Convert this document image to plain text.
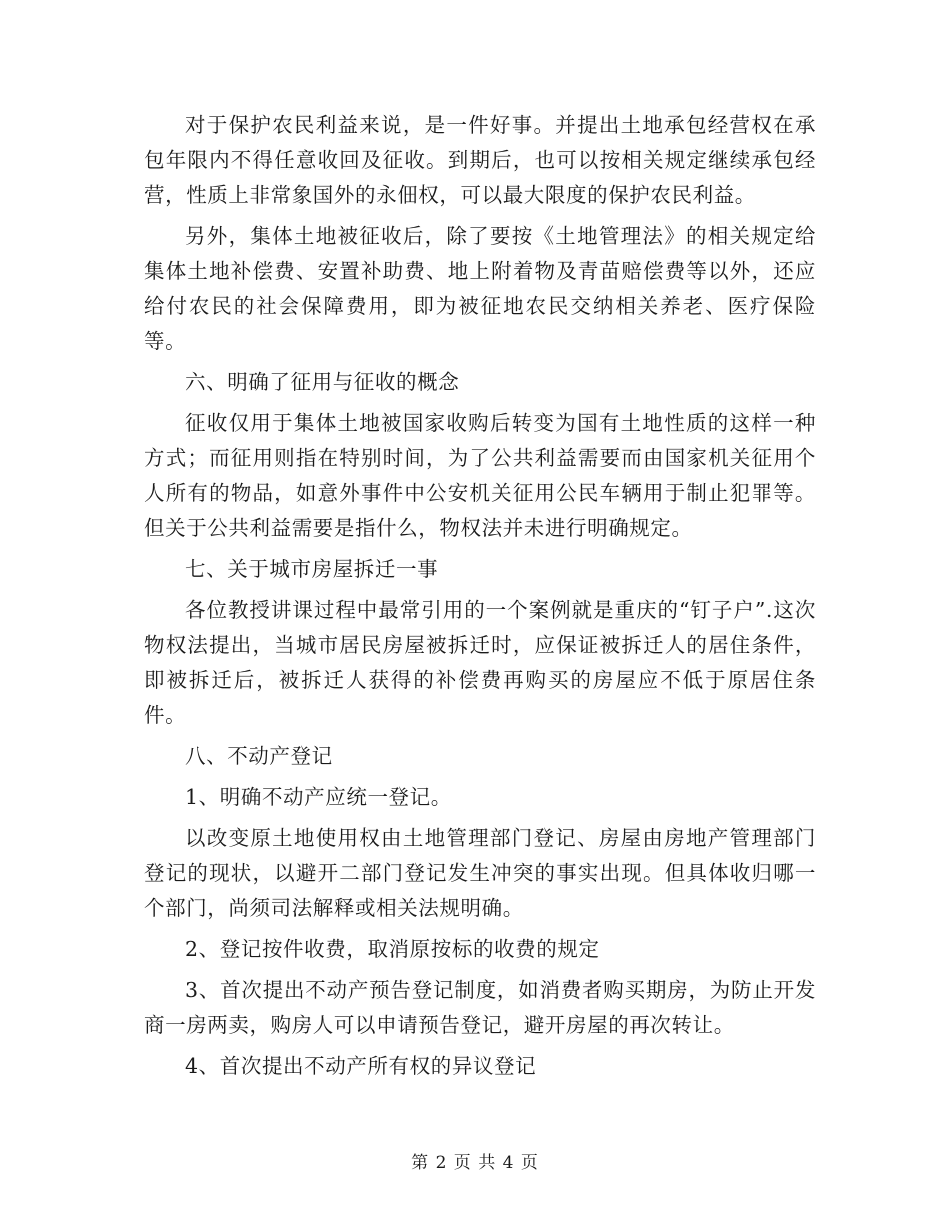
对于保护农民利益来说，是一件好事。并提出土地承包经营权在承包年限内不得任意收回及征收。到期后，也可以按相关规定继续承包经营，性质上非常象国外的永佃权，可以最大限度的保护农民利益。

另外，集体土地被征收后，除了要按《土地管理法》的相关规定给集体土地补偿费、安置补助费、地上附着物及青苗赔偿费等以外，还应给付农民的社会保障费用，即为被征地农民交纳相关养老、医疗保险等。

六、明确了征用与征收的概念

征收仅用于集体土地被国家收购后转变为国有土地性质的这样一种方式；而征用则指在特别时间，为了公共利益需要而由国家机关征用个人所有的物品，如意外事件中公安机关征用公民车辆用于制止犯罪等。但关于公共利益需要是指什么，物权法并未进行明确规定。

七、关于城市房屋拆迁一事

各位教授讲课过程中最常引用的一个案例就是重庆的“钉子户”.这次物权法提出，当城市居民房屋被拆迁时，应保证被拆迁人的居住条件，即被拆迁后，被拆迁人获得的补偿费再购买的房屋应不低于原居住条件。

八、不动产登记

1、明确不动产应统一登记。

以改变原土地使用权由土地管理部门登记、房屋由房地产管理部门登记的现状，以避开二部门登记发生冲突的事实出现。但具体收归哪一个部门，尚须司法解释或相关法规明确。

2、登记按件收费，取消原按标的收费的规定

3、首次提出不动产预告登记制度，如消费者购买期房，为防止开发商一房两卖，购房人可以申请预告登记，避开房屋的再次转让。

4、首次提出不动产所有权的异议登记

第 2 页 共 4 页
